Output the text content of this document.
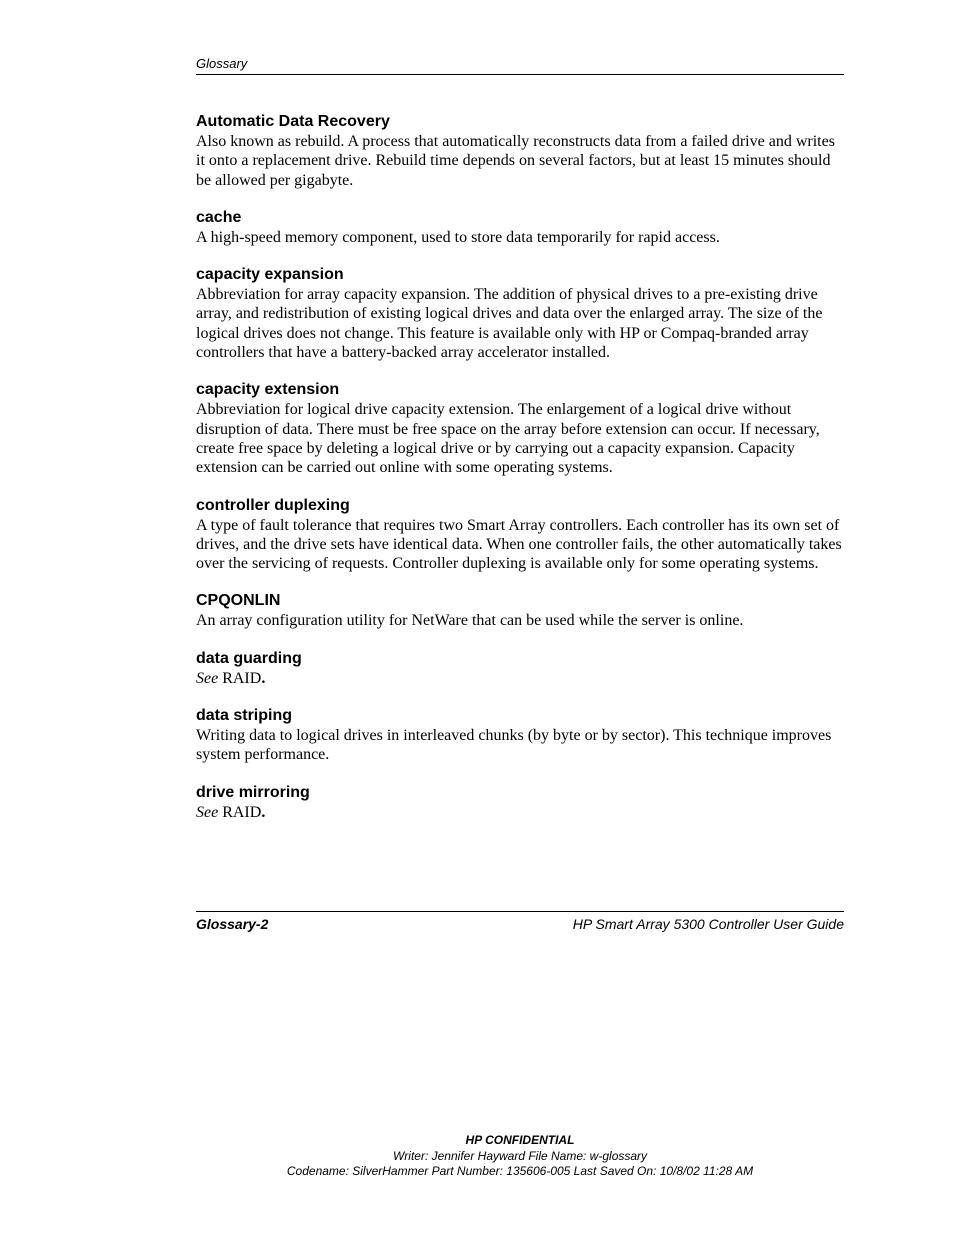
Glossary

Automatic Data Recovery

Also known as rebuild. A process that automatically reconstructs data from a failed drive and writes it onto a replacement drive. Rebuild time depends on several factors, but at least 15 minutes should be allowed per gigabyte.

cache

A high-speed memory component, used to store data temporarily for rapid access.

capacity expansion

Abbreviation for array capacity expansion. The addition of physical drives to a pre-existing drive array, and redistribution of existing logical drives and data over the enlarged array. The size of the logical drives does not change. This feature is available only with HP or Compaq-branded array controllers that have a battery-backed array accelerator installed.

capacity extension

Abbreviation for logical drive capacity extension. The enlargement of a logical drive without disruption of data. There must be free space on the array before extension can occur. If necessary, create free space by deleting a logical drive or by carrying out a capacity expansion. Capacity extension can be carried out online with some operating systems.

controller duplexing

A type of fault tolerance that requires two Smart Array controllers. Each controller has its own set of drives, and the drive sets have identical data. When one controller fails, the other automatically takes over the servicing of requests. Controller duplexing is available only for some operating systems.

CPQONLIN

An array configuration utility for NetWare that can be used while the server is online.

data guarding

See RAID.

data striping

Writing data to logical drives in interleaved chunks (by byte or by sector). This technique improves system performance.

drive mirroring

See RAID.

Glossary-2	HP Smart Array 5300 Controller User Guide
HP CONFIDENTIAL
Writer: Jennifer Hayward File Name: w-glossary
Codename: SilverHammer Part Number: 135606-005 Last Saved On: 10/8/02 11:28 AM
